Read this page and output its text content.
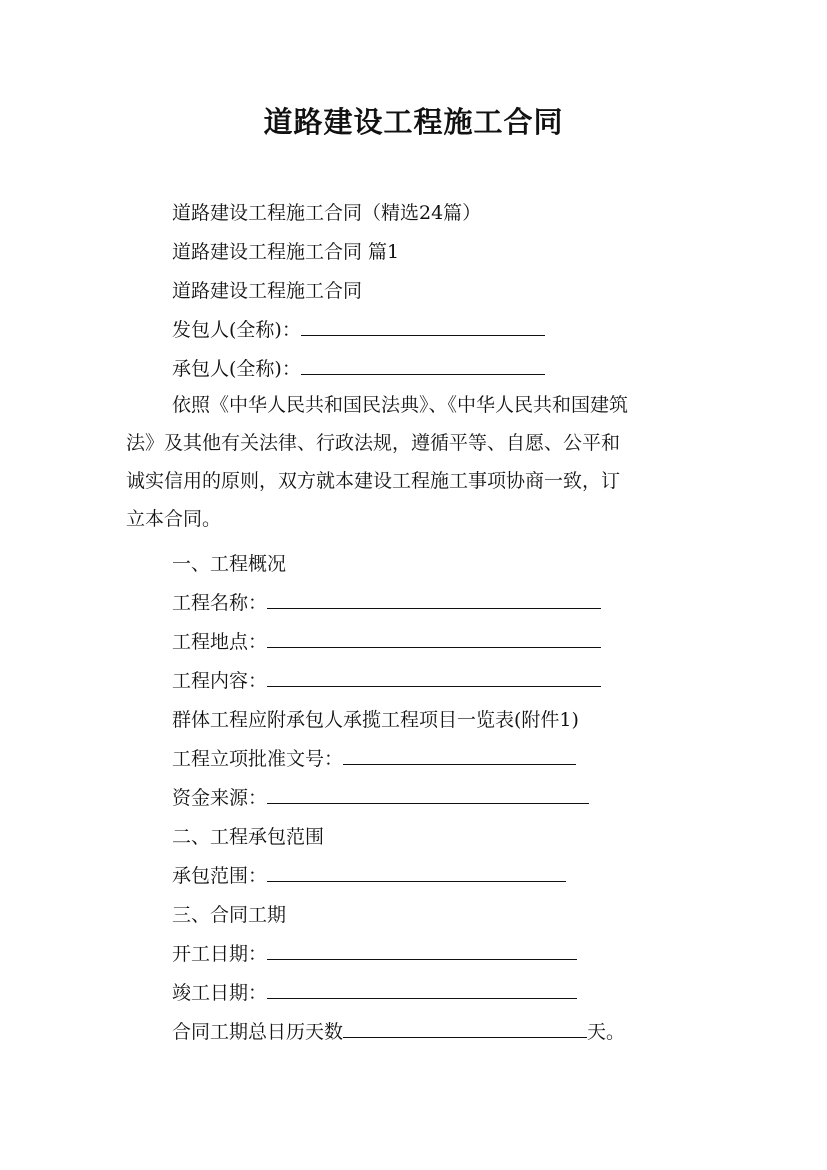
道路建设工程施工合同
道路建设工程施工合同（精选24篇）
道路建设工程施工合同 篇1
道路建设工程施工合同
发包人(全称)：
承包人(全称)：
依照《中华人民共和国民法典》、《中华人民共和国建筑
法》及其他有关法律、行政法规，遵循平等、自愿、公平和
诚实信用的原则，双方就本建设工程施工事项协商一致，订
立本合同。
一、工程概况
工程名称：
工程地点：
工程内容：
群体工程应附承包人承揽工程项目一览表(附件1)
工程立项批准文号：
资金来源：
二、工程承包范围
承包范围：
三、合同工期
开工日期：
竣工日期：
合同工期总日历天数	天。
